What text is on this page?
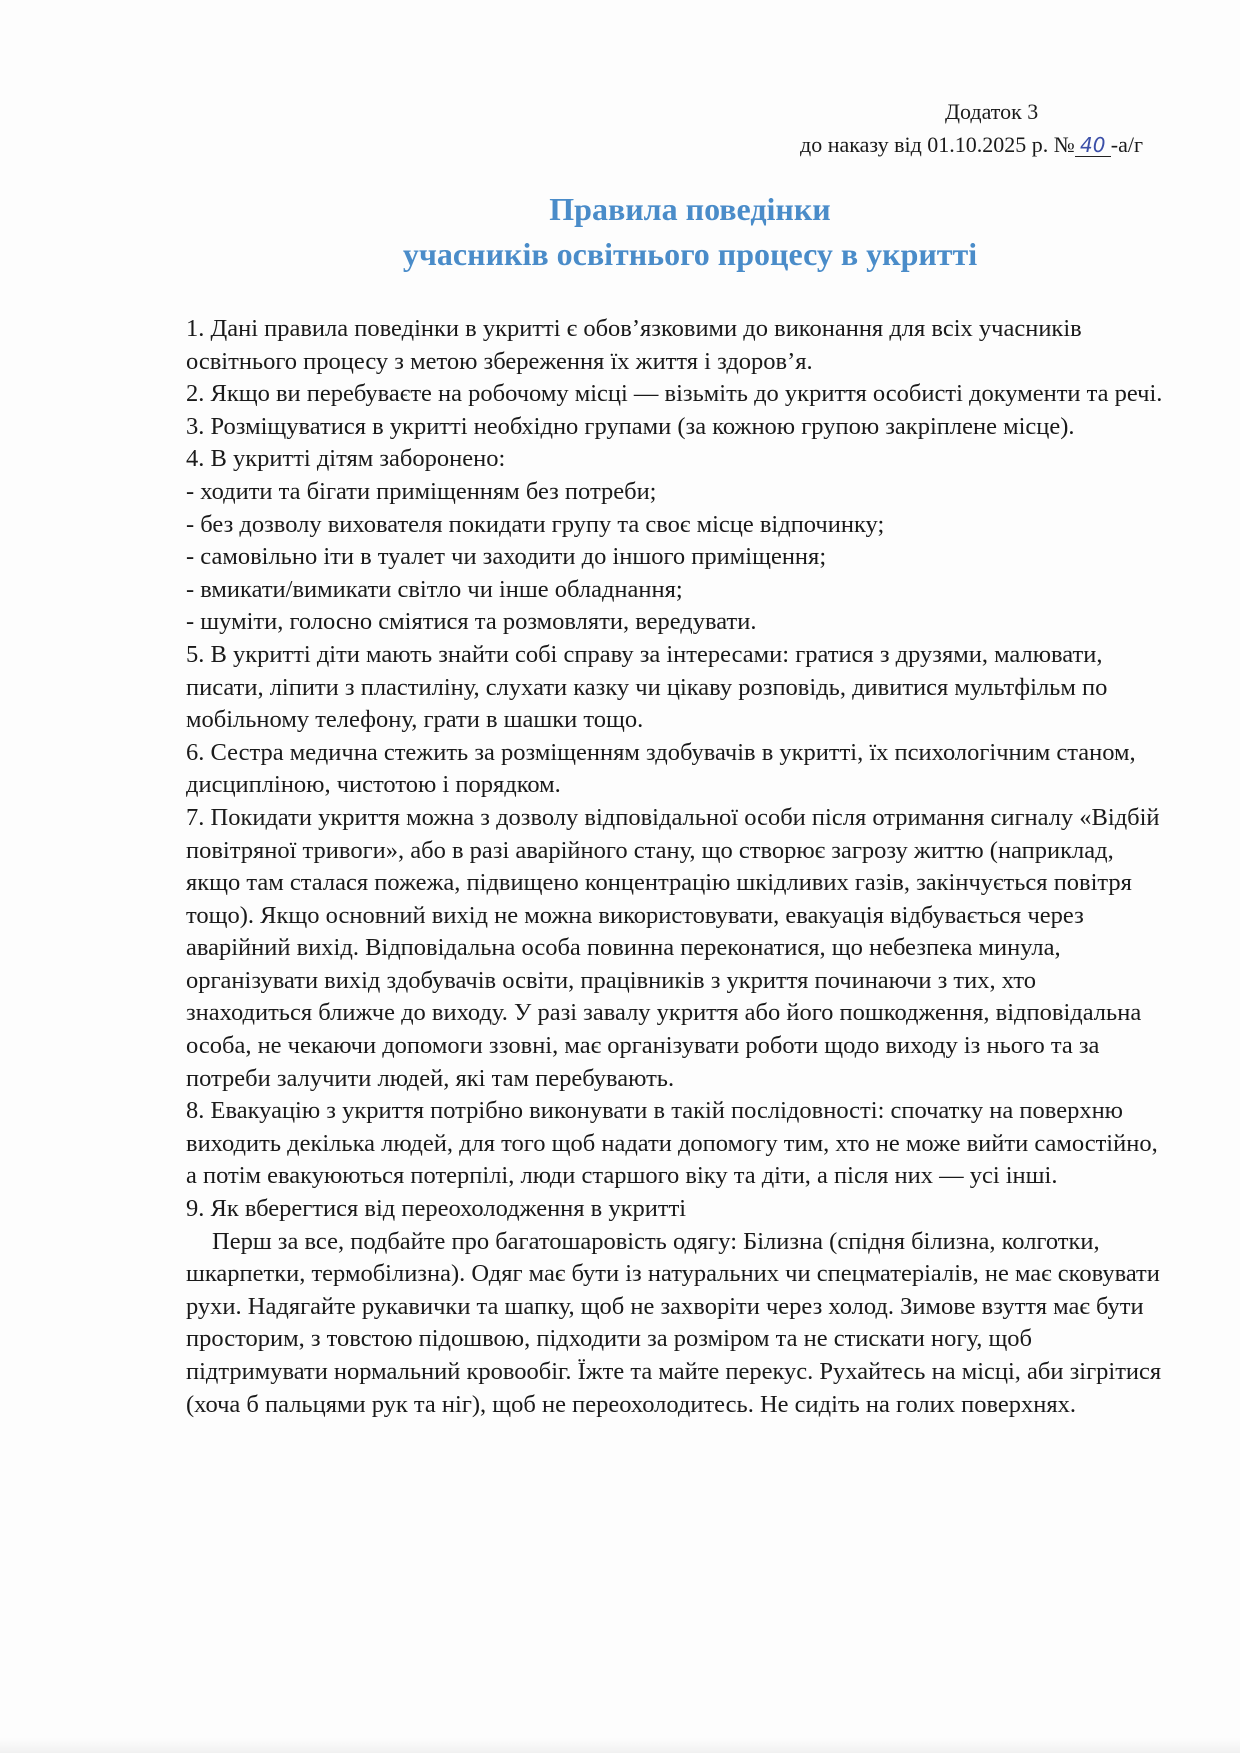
Додаток 3
до наказу від 01.10.2025 р. № 40 -а/г
Правила поведінки
учасників освітнього процесу в укритті

1. Дані правила поведінки в укритті є обов’язковими до виконання для всіх учасників освітнього процесу з метою збереження їх життя і здоров’я.

2. Якщо ви перебуваєте на робочому місці — візьміть до укриття особисті документи та речі.

3. Розміщуватися в укритті необхідно групами (за кожною групою закріплене місце).

4. В укритті дітям заборонено:

- ходити та бігати приміщенням без потреби;

- без дозволу вихователя покидати групу та своє місце відпочинку;

- самовільно іти в туалет чи заходити до іншого приміщення;

- вмикати/вимикати світло чи інше обладнання;

- шуміти, голосно сміятися та розмовляти, вередувати.

5. В укритті діти мають знайти собі справу за інтересами: гратися з друзями, малювати, писати, ліпити з пластиліну, слухати казку чи цікаву розповідь, дивитися мультфільм по мобільному телефону, грати в шашки тощо.

6. Сестра медична стежить за розміщенням здобувачів в укритті, їх психологічним станом, дисципліною, чистотою і порядком.

7. Покидати укриття можна з дозволу відповідальної особи після отримання сигналу «Відбій повітряної тривоги», або в разі аварійного стану, що створює загрозу життю (наприклад, якщо там сталася пожежа, підвищено концентрацію шкідливих газів, закінчується повітря тощо). Якщо основний вихід не можна використовувати, евакуація відбувається через аварійний вихід. Відповідальна особа повинна переконатися, що небезпека минула, організувати вихід здобувачів освіти, працівників з укриття починаючи з тих, хто знаходиться ближче до виходу. У разі завалу укриття або його пошкодження, відповідальна особа, не чекаючи допомоги ззовні, має організувати роботи щодо виходу із нього та за потреби залучити людей, які там перебувають.

8. Евакуацію з укриття потрібно виконувати в такій послідовності: спочатку на поверхню виходить декілька людей, для того щоб надати допомогу тим, хто не може вийти самостійно, а потім евакуюються потерпілі, люди старшого віку та діти, а після них — усі інші.

9. Як вберегтися від переохолодження в укритті

Перш за все, подбайте про багатошаровість одягу: Білизна (спідня білизна, колготки, шкарпетки, термобілизна). Одяг має бути із натуральних чи спецматеріалів, не має сковувати рухи. Надягайте рукавички та шапку, щоб не захворіти через холод. Зимове взуття має бути просторим, з товстою підошвою, підходити за розміром та не стискати ногу, щоб підтримувати нормальний кровообіг. Їжте та майте перекус. Рухайтесь на місці, аби зігрітися (хоча б пальцями рук та ніг), щоб не переохолодитесь. Не сидіть на голих поверхнях.
